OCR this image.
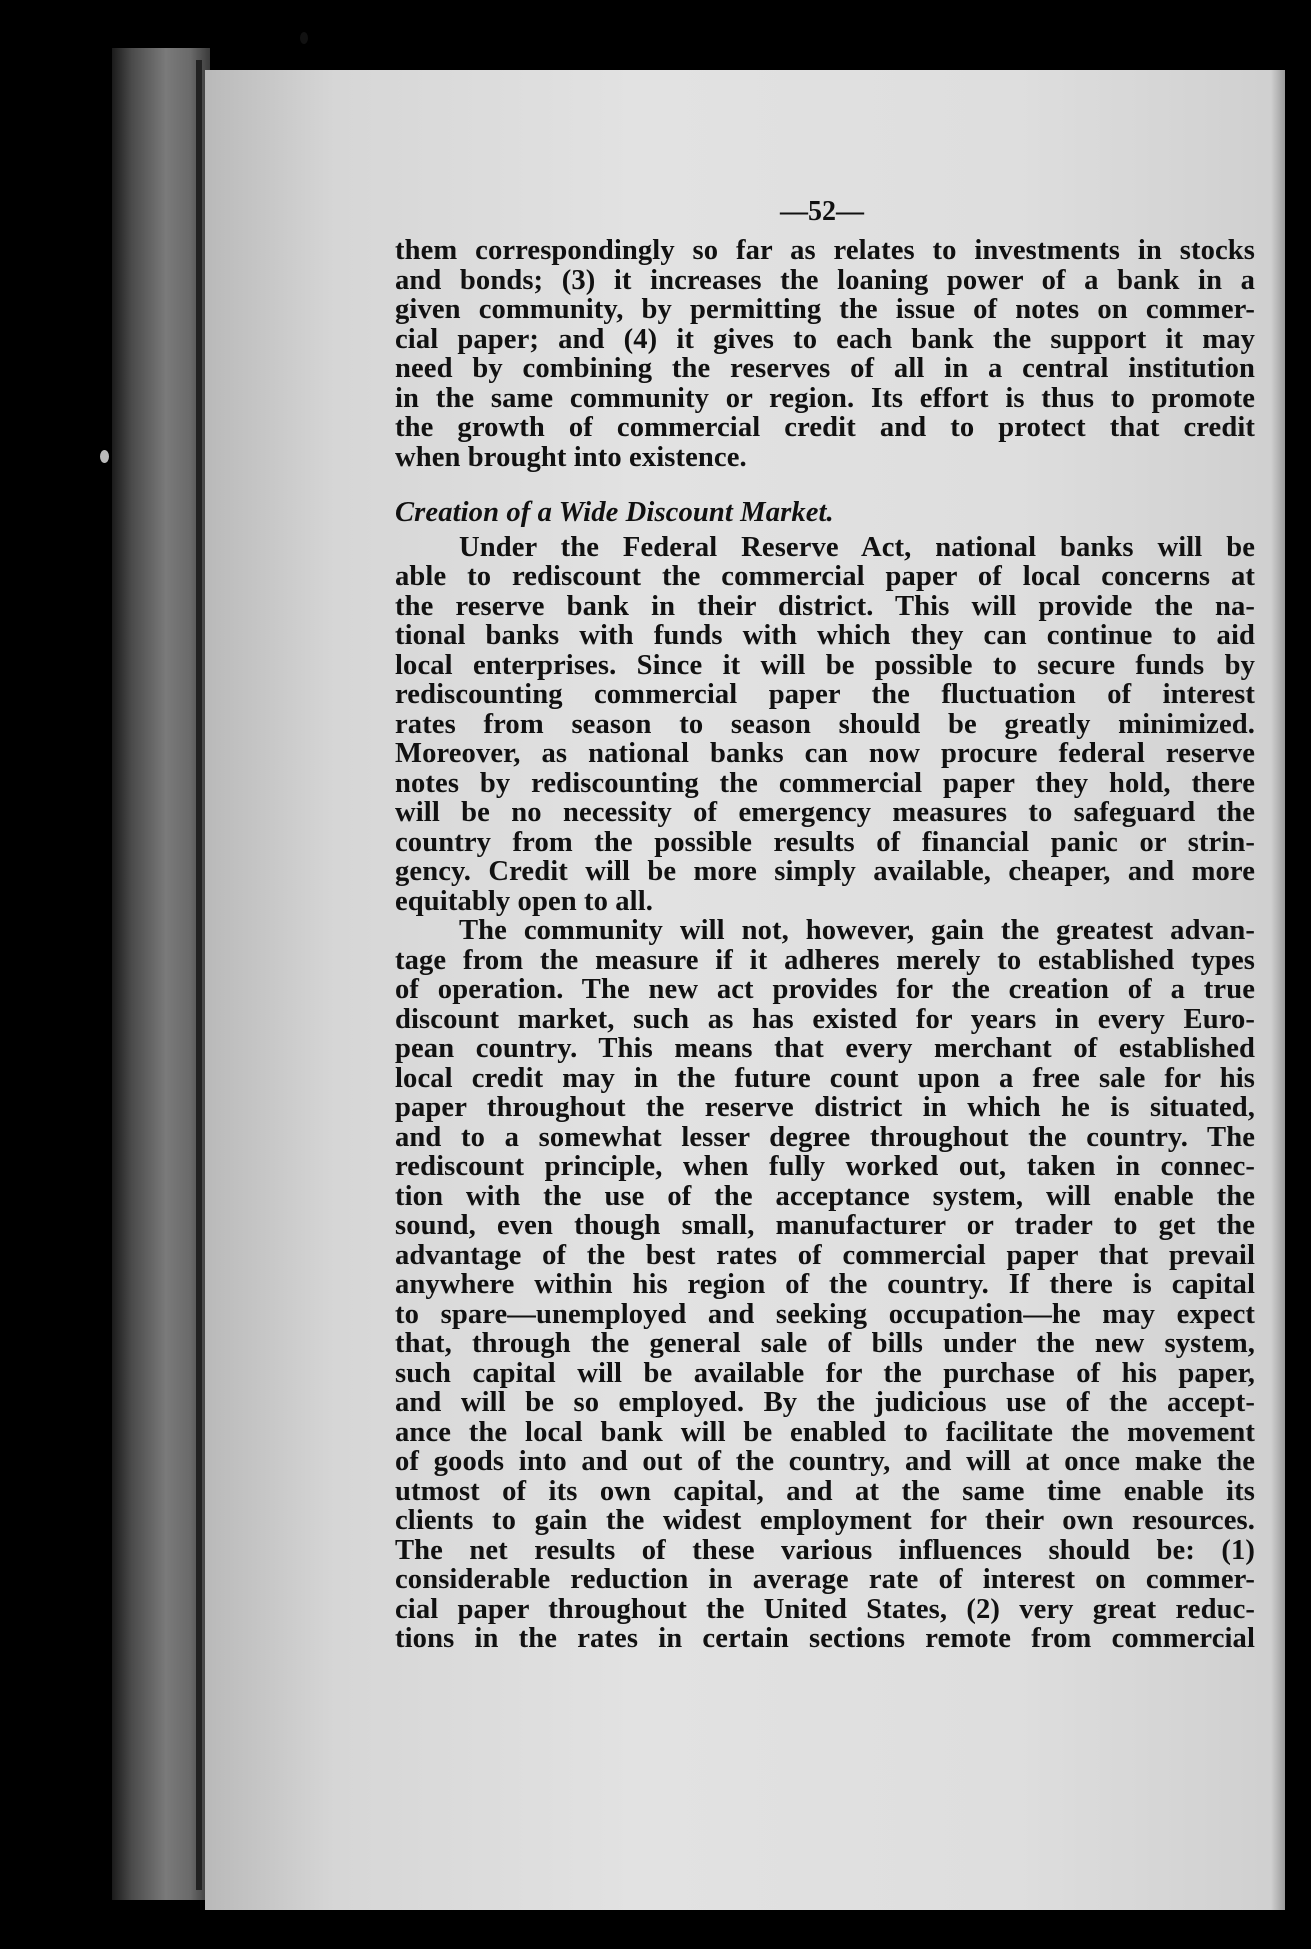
—52—
them correspondingly so far as relates to investments in stocks
and bonds; (3) it increases the loaning power of a bank in a
given community, by permitting the issue of notes on commer-
cial paper; and (4) it gives to each bank the support it may
need by combining the reserves of all in a central institution
in the same community or region. Its effort is thus to promote
the growth of commercial credit and to protect that credit
when brought into existence.
Creation of a Wide Discount Market.
Under the Federal Reserve Act, national banks will be
able to rediscount the commercial paper of local concerns at
the reserve bank in their district. This will provide the na-
tional banks with funds with which they can continue to aid
local enterprises. Since it will be possible to secure funds by
rediscounting commercial paper the fluctuation of interest
rates from season to season should be greatly minimized.
Moreover, as national banks can now procure federal reserve
notes by rediscounting the commercial paper they hold, there
will be no necessity of emergency measures to safeguard the
country from the possible results of financial panic or strin-
gency. Credit will be more simply available, cheaper, and more
equitably open to all.
The community will not, however, gain the greatest advan-
tage from the measure if it adheres merely to established types
of operation. The new act provides for the creation of a true
discount market, such as has existed for years in every Euro-
pean country. This means that every merchant of established
local credit may in the future count upon a free sale for his
paper throughout the reserve district in which he is situated,
and to a somewhat lesser degree throughout the country. The
rediscount principle, when fully worked out, taken in connec-
tion with the use of the acceptance system, will enable the
sound, even though small, manufacturer or trader to get the
advantage of the best rates of commercial paper that prevail
anywhere within his region of the country. If there is capital
to spare—unemployed and seeking occupation—he may expect
that, through the general sale of bills under the new system,
such capital will be available for the purchase of his paper,
and will be so employed. By the judicious use of the accept-
ance the local bank will be enabled to facilitate the movement
of goods into and out of the country, and will at once make the
utmost of its own capital, and at the same time enable its
clients to gain the widest employment for their own resources.
The net results of these various influences should be: (1)
considerable reduction in average rate of interest on commer-
cial paper throughout the United States, (2) very great reduc-
tions in the rates in certain sections remote from commercial
